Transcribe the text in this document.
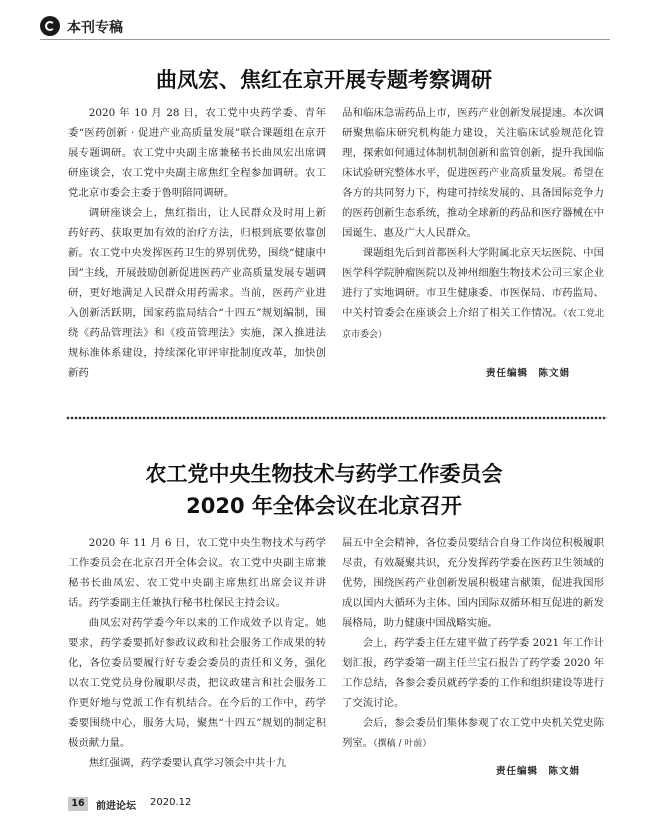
本刊专稿
曲凤宏、焦红在京开展专题考察调研

2020 年 10 月 28 日，农工党中央药学委、青年委“医药创新 · 促进产业高质量发展”联合课题组在京开展专题调研。农工党中央副主席兼秘书长曲凤宏出席调研座谈会，农工党中央副主席焦红全程参加调研。农工党北京市委会主委于鲁明陪同调研。

调研座谈会上，焦红指出，让人民群众及时用上新药好药、获取更加有效的治疗方法，归根到底要依靠创新。农工党中央发挥医药卫生的界别优势，围绕“健康中国”主线，开展鼓励创新促进医药产业高质量发展专题调研，更好地满足人民群众用药需求。当前，医药产业进入创新活跃期，国家药监局结合“十四五”规划编制，围绕《药品管理法》和《疫苗管理法》实施，深入推进法规标准体系建设，持续深化审评审批制度改革，加快创新药

品和临床急需药品上市，医药产业创新发展提速。本次调研聚焦临床研究机构能力建设，关注临床试验规范化管理，探索如何通过体制机制创新和监管创新，提升我国临床试验研究整体水平，促进医药产业高质量发展。希望在各方的共同努力下，构建可持续发展的、具备国际竞争力的医药创新生态系统，推动全球新的药品和医疗器械在中国诞生、惠及广大人民群众。

课题组先后到首都医科大学附属北京天坛医院、中国医学科学院肿瘤医院以及神州细胞生物技术公司三家企业进行了实地调研。市卫生健康委、市医保局、市药监局、中关村管委会在座谈会上介绍了相关工作情况。（农工党北京市委会）

责任编辑　陈文娟
农工党中央生物技术与药学工作委员会
2020 年全体会议在北京召开

2020 年 11 月 6 日，农工党中央生物技术与药学工作委员会在北京召开全体会议。农工党中央副主席兼秘书长曲凤宏、农工党中央副主席焦红出席会议并讲话。药学委副主任兼执行秘书杜保民主持会议。

曲凤宏对药学委今年以来的工作成效予以肯定。她要求，药学委要抓好参政议政和社会服务工作成果的转化，各位委员要履行好专委会委员的责任和义务，强化以农工党党员身份履职尽责，把议政建言和社会服务工作更好地与党派工作有机结合。在今后的工作中，药学委要围绕中心，服务大局，聚焦“十四五”规划的制定积极贡献力量。

焦红强调，药学委要认真学习领会中共十九

届五中全会精神，各位委员要结合自身工作岗位积极履职尽责，有效凝聚共识，充分发挥药学委在医药卫生领域的优势，围绕医药产业创新发展积极建言献策，促进我国形成以国内大循环为主体、国内国际双循环相互促进的新发展格局，助力健康中国战略实施。

会上，药学委主任左建平做了药学委 2021 年工作计划汇报，药学委第一副主任兰宝石报告了药学委 2020 年工作总结，各参会委员就药学委的工作和组织建设等进行了交流讨论。

会后，参会委员们集体参观了农工党中央机关党史陈列室。（撰稿 / 叶前）

责任编辑　陈文娟
16	前进论坛 2020.12
